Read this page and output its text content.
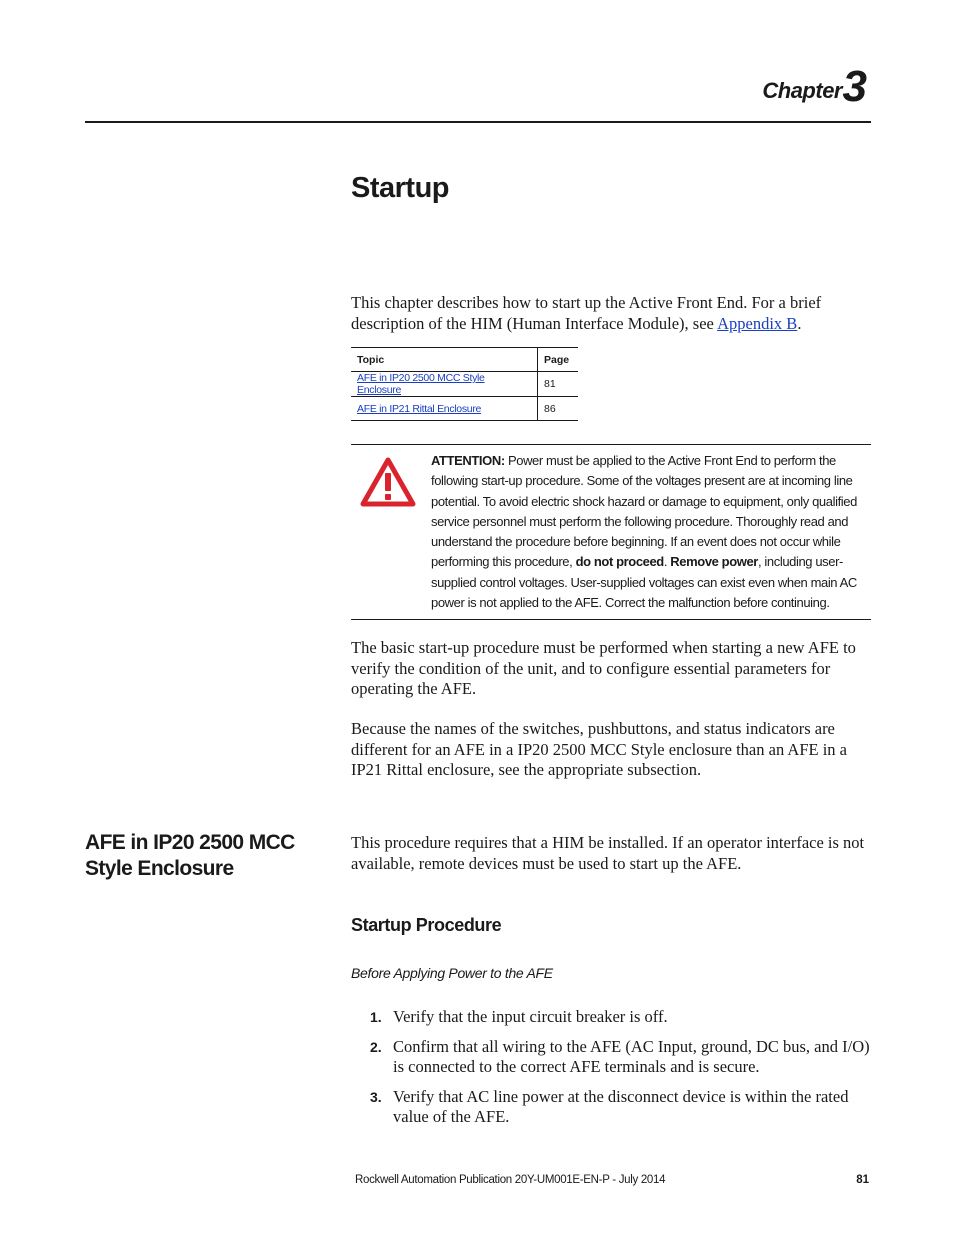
Chapter 3
Startup
This chapter describes how to start up the Active Front End. For a brief description of the HIM (Human Interface Module), see Appendix B.
Topic	Page
AFE in IP20 2500 MCC Style Enclosure	81
AFE in IP21 Rittal Enclosure	86
ATTENTION: Power must be applied to the Active Front End to perform the following start-up procedure. Some of the voltages present are at incoming line potential. To avoid electric shock hazard or damage to equipment, only qualified service personnel must perform the following procedure. Thoroughly read and understand the procedure before beginning. If an event does not occur while performing this procedure, do not proceed. Remove power, including user-supplied control voltages. User-supplied voltages can exist even when main AC power is not applied to the AFE. Correct the malfunction before continuing.
The basic start-up procedure must be performed when starting a new AFE to verify the condition of the unit, and to configure essential parameters for operating the AFE.
Because the names of the switches, pushbuttons, and status indicators are different for an AFE in a IP20 2500 MCC Style enclosure than an AFE in a IP21 Rittal enclosure, see the appropriate subsection.
AFE in IP20 2500 MCC Style Enclosure
This procedure requires that a HIM be installed. If an operator interface is not available, remote devices must be used to start up the AFE.
Startup Procedure
Before Applying Power to the AFE
1. Verify that the input circuit breaker is off.
2. Confirm that all wiring to the AFE (AC Input, ground, DC bus, and I/O) is connected to the correct AFE terminals and is secure.
3. Verify that AC line power at the disconnect device is within the rated value of the AFE.
Rockwell Automation Publication 20Y-UM001E-EN-P - July 2014	81
